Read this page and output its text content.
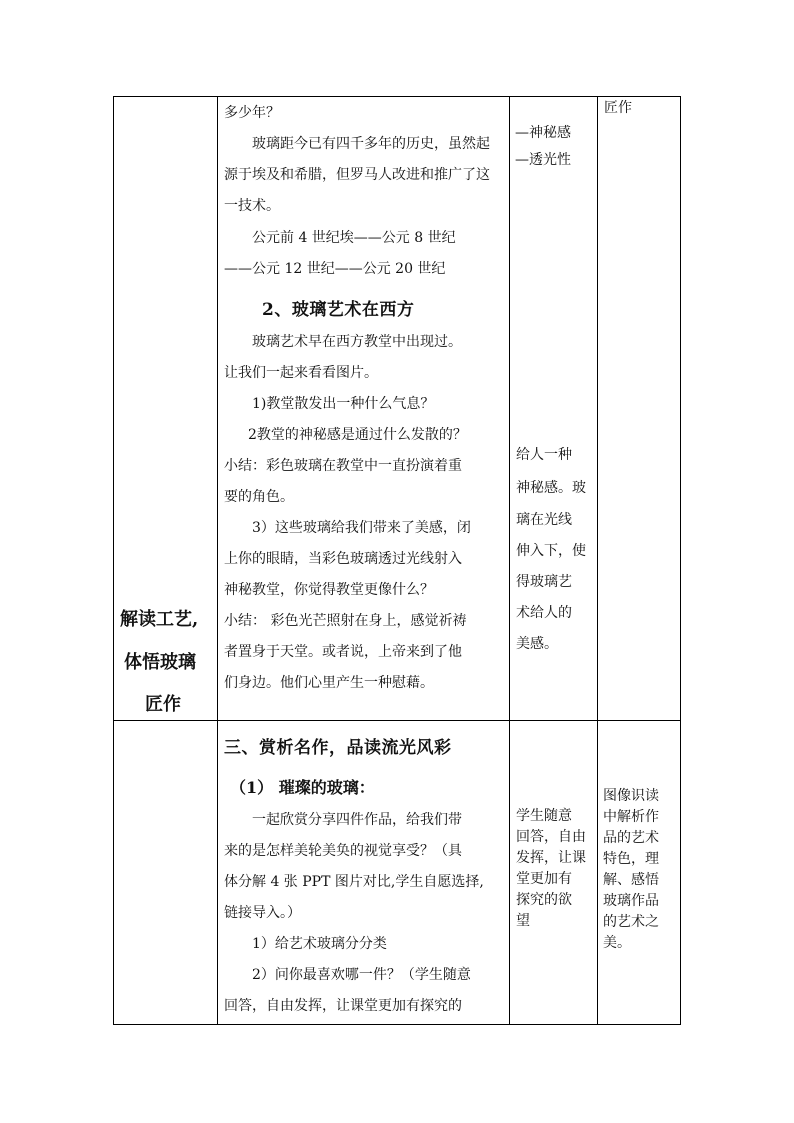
解读工艺,
体悟玻璃
匠作
多少年？
玻璃距今已有四千多年的历史，虽然起
源于埃及和希腊，但罗马人改进和推广了这
一技术。
公元前 4 世纪埃——公元 8 世纪
——公元 12 世纪——公元 20 世纪
2、玻璃艺术在西方
玻璃艺术早在西方教堂中出现过。
让我们一起来看看图片。
1)教堂散发出一种什么气息？
2教堂的神秘感是通过什么发散的？
小结：彩色玻璃在教堂中一直扮演着重
要的角色。
3）这些玻璃给我们带来了美感，闭
上你的眼睛，当彩色玻璃透过光线射入
神秘教堂，你觉得教堂更像什么？
小结： 彩色光芒照射在身上，感觉祈祷
者置身于天堂。或者说，上帝来到了他
们身边。他们心里产生一种慰藉。
—神秘感
—透光性
给人一种
神秘感。玻
璃在光线
伸入下，使
得玻璃艺
术给人的
美感。
匠作
三、赏析名作，品读流光风彩
（1） 璀璨的玻璃：
一起欣赏分享四件作品，给我们带
来的是怎样美轮美奂的视觉享受？（具
体分解 4 张 PPT 图片对比,学生自愿选择,
链接导入。）
1）给艺术玻璃分分类
2）问你最喜欢哪一件？（学生随意
回答，自由发挥，让课堂更加有探究的
学生随意
回答，自由
发挥，让课
堂更加有
探究的欲
望
图像识读
中解析作
品的艺术
特色，理
解、感悟
玻璃作品
的艺术之
美。
